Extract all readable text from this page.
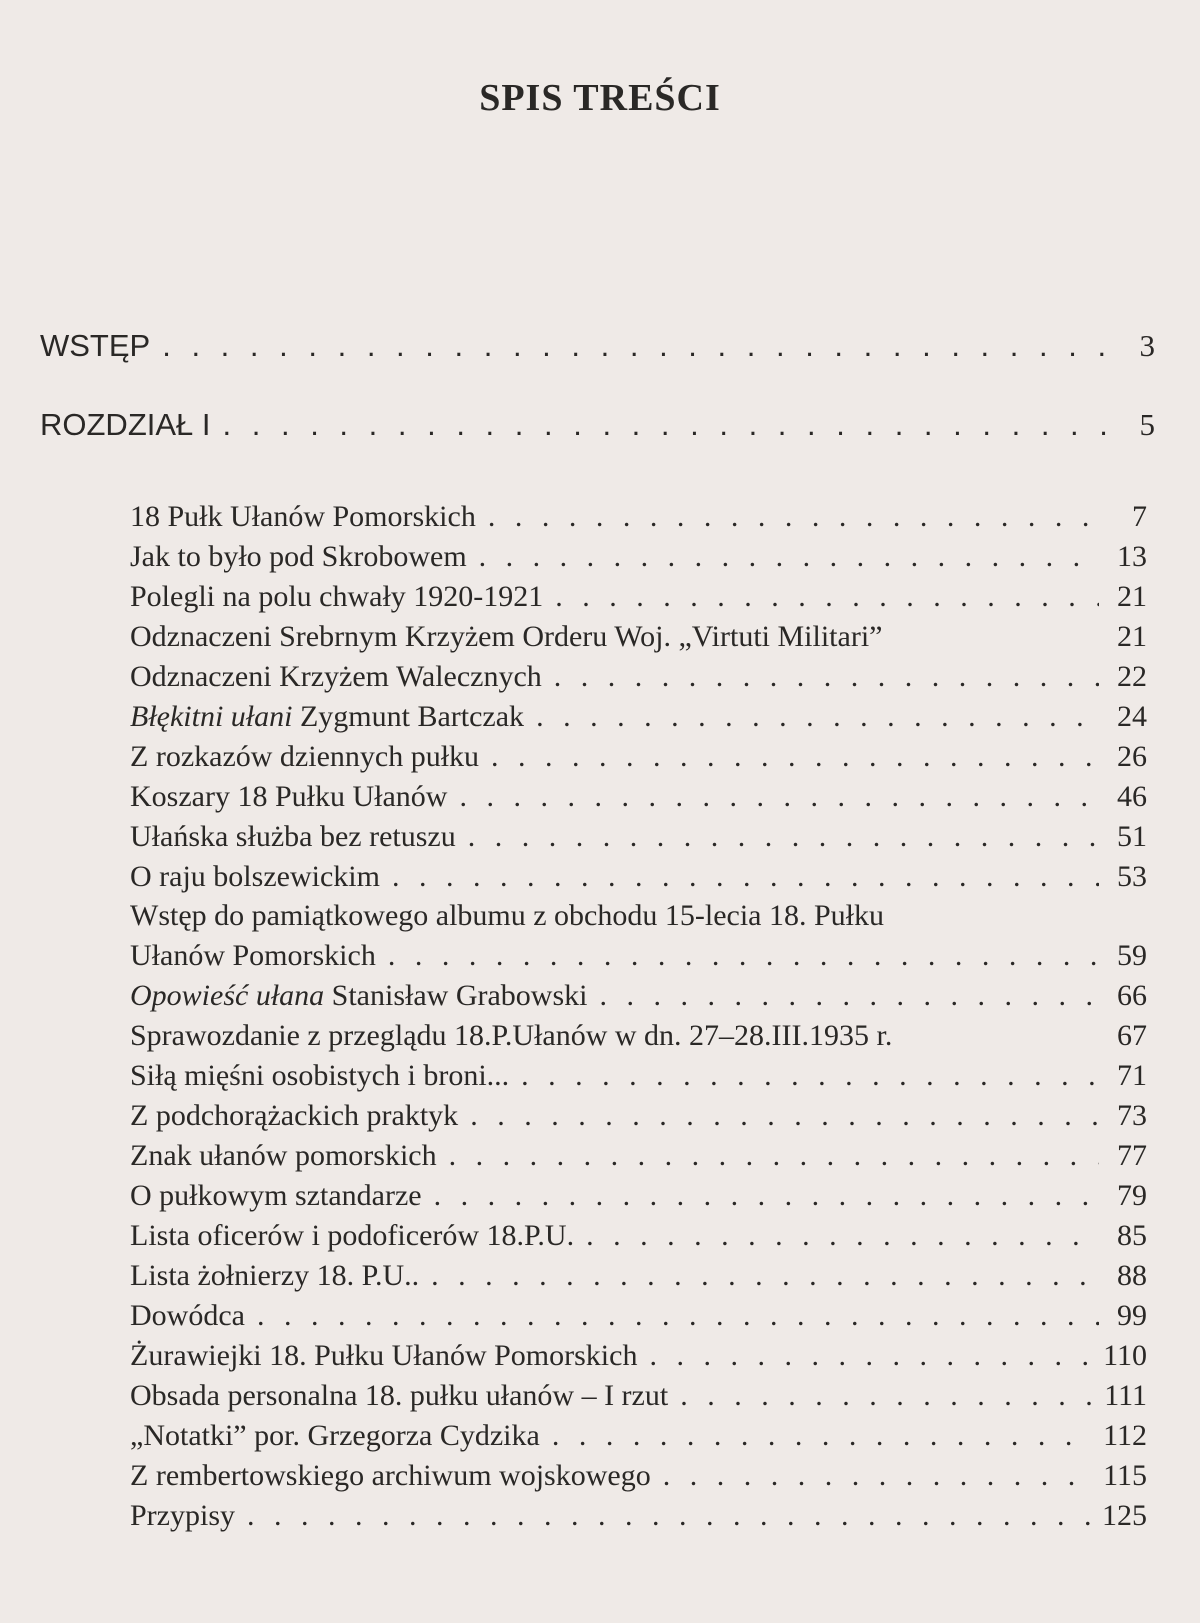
SPIS TREŚCI
WSTĘP . . .	3
ROZDZIAŁ I . . .	5
18 Pułk Ułanów Pomorskich . . .	7
Jak to było pod Skrobowem . . .	13
Polegli na polu chwały 1920-1921 . . .	21
Odznaczeni Srebrnym Krzyżem Orderu Woj. „Virtuti Militari”	21
Odznaczeni Krzyżem Walecznych . . .	22
Błękitni ułani Zygmunt Bartczak . . .	24
Z rozkazów dziennych pułku . . .	26
Koszary 18 Pułku Ułanów . . .	46
Ułańska służba bez retuszu . . .	51
O raju bolszewickim . . .	53
Wstęp do pamiątkowego albumu z obchodu 15-lecia 18. Pułku
Ułanów Pomorskich . . .	59
Opowieść ułana Stanisław Grabowski . . .	66
Sprawozdanie z przeglądu 18.P.Ułanów w dn. 27–28.III.1935 r.	67
Siłą mięśni osobistych i broni... . . .	71
Z podchorążackich praktyk . . .	73
Znak ułanów pomorskich . . .	77
O pułkowym sztandarze . . .	79
Lista oficerów i podoficerów 18.P.U. . . .	85
Lista żołnierzy 18. P.U.. . . .	88
Dowódca . . .	99
Żurawiejki 18. Pułku Ułanów Pomorskich . . .	110
Obsada personalna 18. pułku ułanów – I rzut . . .	111
„Notatki” por. Grzegorza Cydzika . . .	112
Z rembertowskiego archiwum wojskowego . . .	115
Przypisy . . .	125
